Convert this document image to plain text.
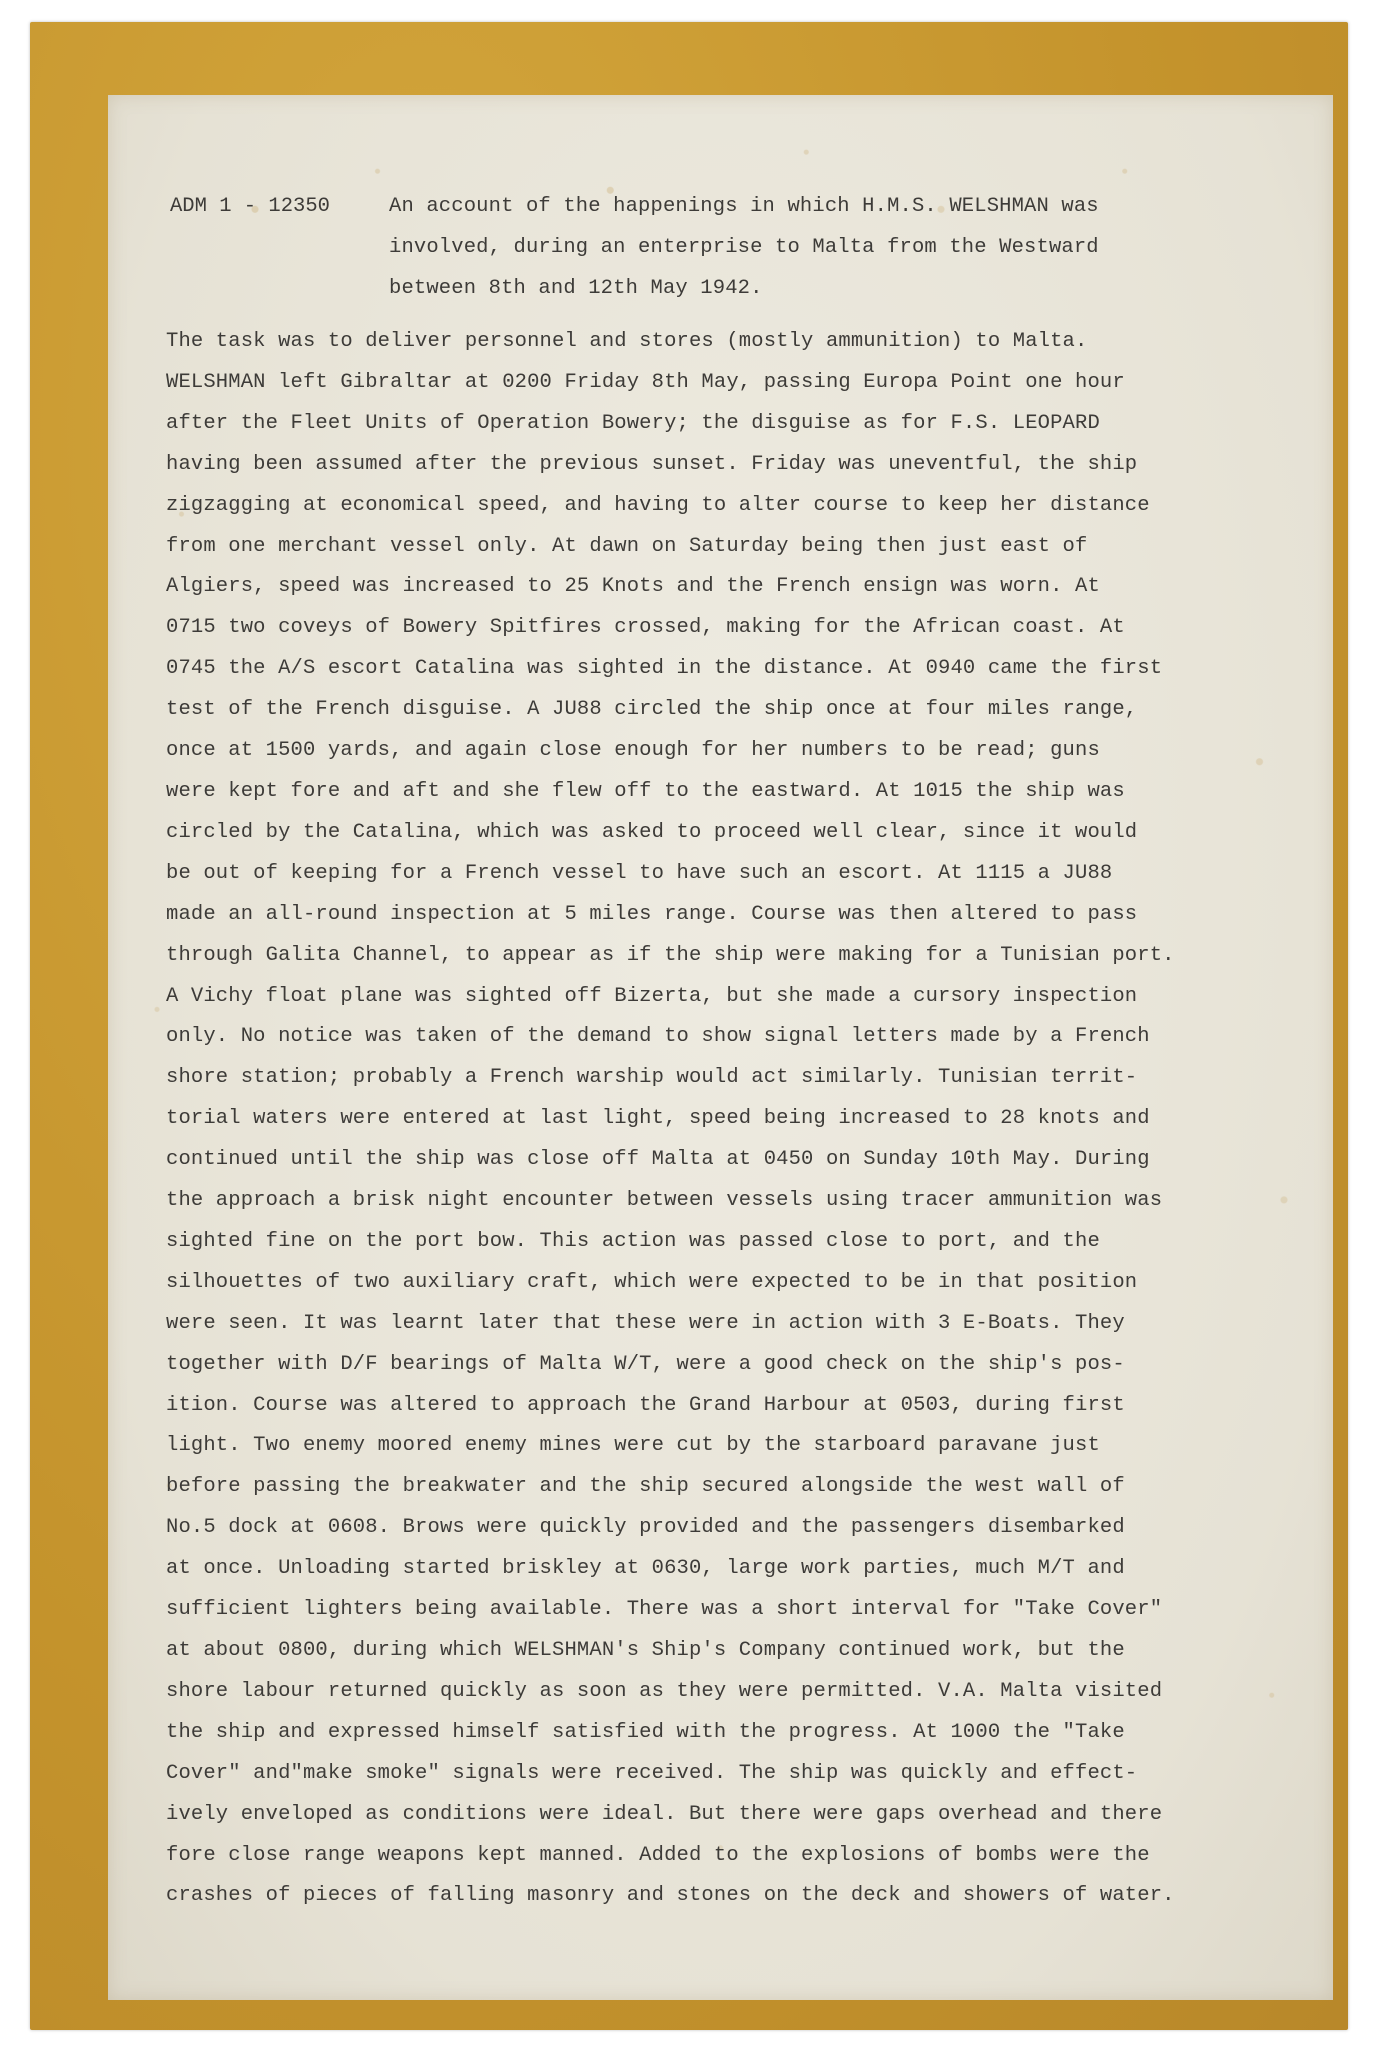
ADM 1 - 12350	An account of the happenings in which H.M.S. WELSHMAN was
involved, during an enterprise to Malta from the Westward
between 8th and 12th May 1942.
The task was to deliver personnel and stores (mostly ammunition) to Malta.
WELSHMAN left Gibraltar at 0200 Friday 8th May, passing Europa Point one hour
after the Fleet Units of Operation Bowery; the disguise as for F.S. LEOPARD
having been assumed after the previous sunset. Friday was uneventful, the ship
zigzagging at economical speed, and having to alter course to keep her distance
from one merchant vessel only. At dawn on Saturday being then just east of
Algiers, speed was increased to 25 Knots and the French ensign was worn. At
0715 two coveys of Bowery Spitfires crossed, making for the African coast. At
0745 the A/S escort Catalina was sighted in the distance. At 0940 came the first
test of the French disguise. A JU88 circled the ship once at four miles range,
once at 1500 yards, and again close enough for her numbers to be read; guns
were kept fore and aft and she flew off to the eastward. At 1015 the ship was
circled by the Catalina, which was asked to proceed well clear, since it would
be out of keeping for a French vessel to have such an escort. At 1115 a JU88
made an all-round inspection at 5 miles range. Course was then altered to pass
through Galita Channel, to appear as if the ship were making for a Tunisian port.
A Vichy float plane was sighted off Bizerta, but she made a cursory inspection
only. No notice was taken of the demand to show signal letters made by a French
shore station; probably a French warship would act similarly. Tunisian territ-
torial waters were entered at last light, speed being increased to 28 knots and
continued until the ship was close off Malta at 0450 on Sunday 10th May. During
the approach a brisk night encounter between vessels using tracer ammunition was
sighted fine on the port bow. This action was passed close to port, and the
silhouettes of two auxiliary craft, which were expected to be in that position
were seen. It was learnt later that these were in action with 3 E-Boats. They
together with D/F bearings of Malta W/T, were a good check on the ship's pos-
ition. Course was altered to approach the Grand Harbour at 0503, during first
light. Two enemy moored enemy mines were cut by the starboard paravane just
before passing the breakwater and the ship secured alongside the west wall of
No.5 dock at 0608. Brows were quickly provided and the passengers disembarked
at once. Unloading started briskley at 0630, large work parties, much M/T and
sufficient lighters being available. There was a short interval for "Take Cover"
at about 0800, during which WELSHMAN's Ship's Company continued work, but the
shore labour returned quickly as soon as they were permitted. V.A. Malta visited
the ship and expressed himself satisfied with the progress. At 1000 the "Take
Cover" and"make smoke" signals were received. The ship was quickly and effect-
ively enveloped as conditions were ideal. But there were gaps overhead and there
fore close range weapons kept manned. Added to the explosions of bombs were the
crashes of pieces of falling masonry and stones on the deck and showers of water.
